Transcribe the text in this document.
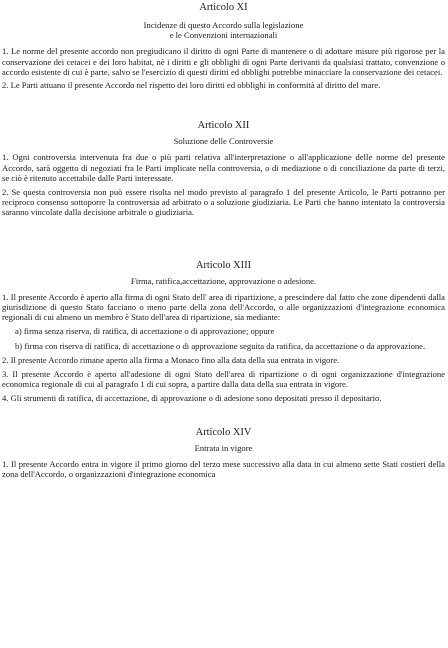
Articolo XI
Incidenze di questo Accordo sulla legislazione
e le Convenzioni internazionali

1. Le norme del presente accordo non pregiudicano il diritto di ogni Parte di mantenere o di adottare misure più rigorose per la conservazione dei cetacei e dei loro habitat, nè i diritti e gli obblighi di ogni Parte derivanti da qualsiasi trattato, convenzione o accordo esistente di cui è parte, salvo se l'esercizio di questi diritti ed obblighi potrebbe minacciare la conservazione dei cetacei.

2. Le Parti attuano il presente Accordo nel rispetto dei loro diritti ed obblighi in conformità al diritto del mare.

Articolo XII
Soluzione delle Controversie

1. Ogni controversia intervenuta fra due o più parti relativa all'interpretazione o all'applicazione delle norme del presente Accordo, sarà oggetto di negoziati fra le Parti implicate nella controversia, o di mediazione o di conciliazione da parte di terzi, se ciò è ritenuto accettabile dalle Parti interessate.

2. Se questa controversia non può essere risolta nel modo previsto al paragrafo 1 del presente Articolo, le Parti potranno per reciproco consenso sottoporre la controversia ad arbitrato o a soluzione giudiziaria. Le Parti che hanno intentato la controversia saranno vincolate dalla decisione arbitrale o giudiziaria.

Articolo XIII
Firma, ratifica,accettazione, approvazione o adesione.

1. Il presente Accordo è aperto alla firma di ogni Stato dell' area di ripartizione, a prescindere dal fatto che zone dipendenti dalla giurisdizione di questo Stato facciano o meno parte della zona dell'Accordo, o alle organizzazioni d'integrazione economica regionali di cui almeno un membro è Stato dell'area di ripartizione, sia mediante:

a) firma senza riserva, di ratifica, di accettazione o di approvazione; oppure

b) firma con riserva di ratifica, di accettazione o di approvazione seguita da ratifica, da accettazione o da approvazione.

2. Il presente Accordo rimane aperto alla firma a Monaco fino alla data della sua entrata in vigore.

3. Il presente Accordo è aperto all'adesione di ogni Stato dell'area di ripartizione o di ogni organizzazione d'integrazione economica regionale di cui al paragrafo 1 di cui sopra, a partire dalla data della sua entrata in vigore.

4. Gli strumenti di ratifica, di accettazione, di approvazione o di adesione sono depositati presso il depositario.

Articolo XIV
Entrata in vigore

1. Il presente Accordo entra in vigore il primo giorno del terzo mese successivo alla data in cui almeno sette Stati costieri della zona dell'Accordo, o organizzazioni d'integrazione economica
